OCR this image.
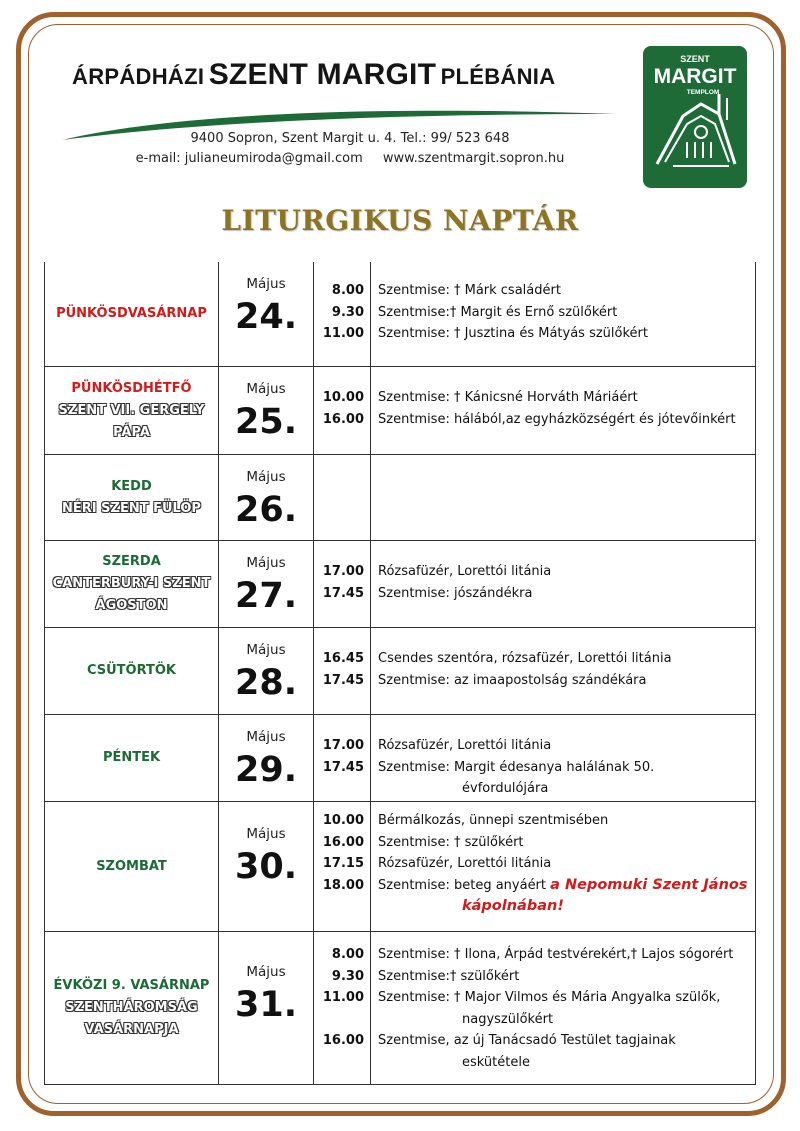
ÁRPÁDHÁZI SZENT MARGIT PLÉBÁNIA
9400 Sopron, Szent Margit u. 4. Tel.: 99/ 523 648
e-mail: julianeumiroda@gmail.com www.szentmargit.sopron.hu
SZENT
MARGIT
TEMPLOM
LITURGIKUS NAPTÁR
PÜNKÖSDVASÁRNAP
Május
24.
8.00
9.30
11.00
Szentmise: † Márk családért
Szentmise:† Margit és Ernő szülőkért
Szentmise: † Jusztina és Mátyás szülőkért
PÜNKÖSDHÉTFŐ
SZENT VII. GERGELY PÁPA
Május
25.
10.00
16.00
Szentmise: † Kánicsné Horváth Máriáért
Szentmise: hálából,az egyházközségért és jótevőinkért
KEDD
NÉRI SZENT FÜLÖP
Május
26.
SZERDA
CANTERBURY-I SZENT ÁGOSTON
Május
27.
17.00
17.45
Rózsafüzér, Lorettói litánia
Szentmise: jószándékra
CSÜTÖRTÖK
Május
28.
16.45
17.45
Csendes szentóra, rózsafüzér, Lorettói litánia
Szentmise: az imaapostolság szándékára
PÉNTEK
Május
29.
17.00
17.45

Rózsafüzér, Lorettói litánia
Szentmise: Margit édesanya halálának 50.
évfordulójára
SZOMBAT
Május
30.
10.00
16.00
17.15
18.00
Bérmálkozás, ünnepi szentmisében
Szentmise: † szülőkért
Rózsafüzér, Lorettói litánia
Szentmise: beteg anyáért a Nepomuki Szent János
kápolnában!
ÉVKÖZI 9. VASÁRNAP
SZENTHÁROMSÁG VASÁRNAPJA
Május
31.
8.00
9.30
11.00

16.00

Szentmise: † Ilona, Árpád testvérekért,† Lajos sógorért
Szentmise:† szülőkért
Szentmise: † Major Vilmos és Mária Angyalka szülők,
nagyszülőkért
Szentmise, az új Tanácsadó Testület tagjainak
eskütétele
